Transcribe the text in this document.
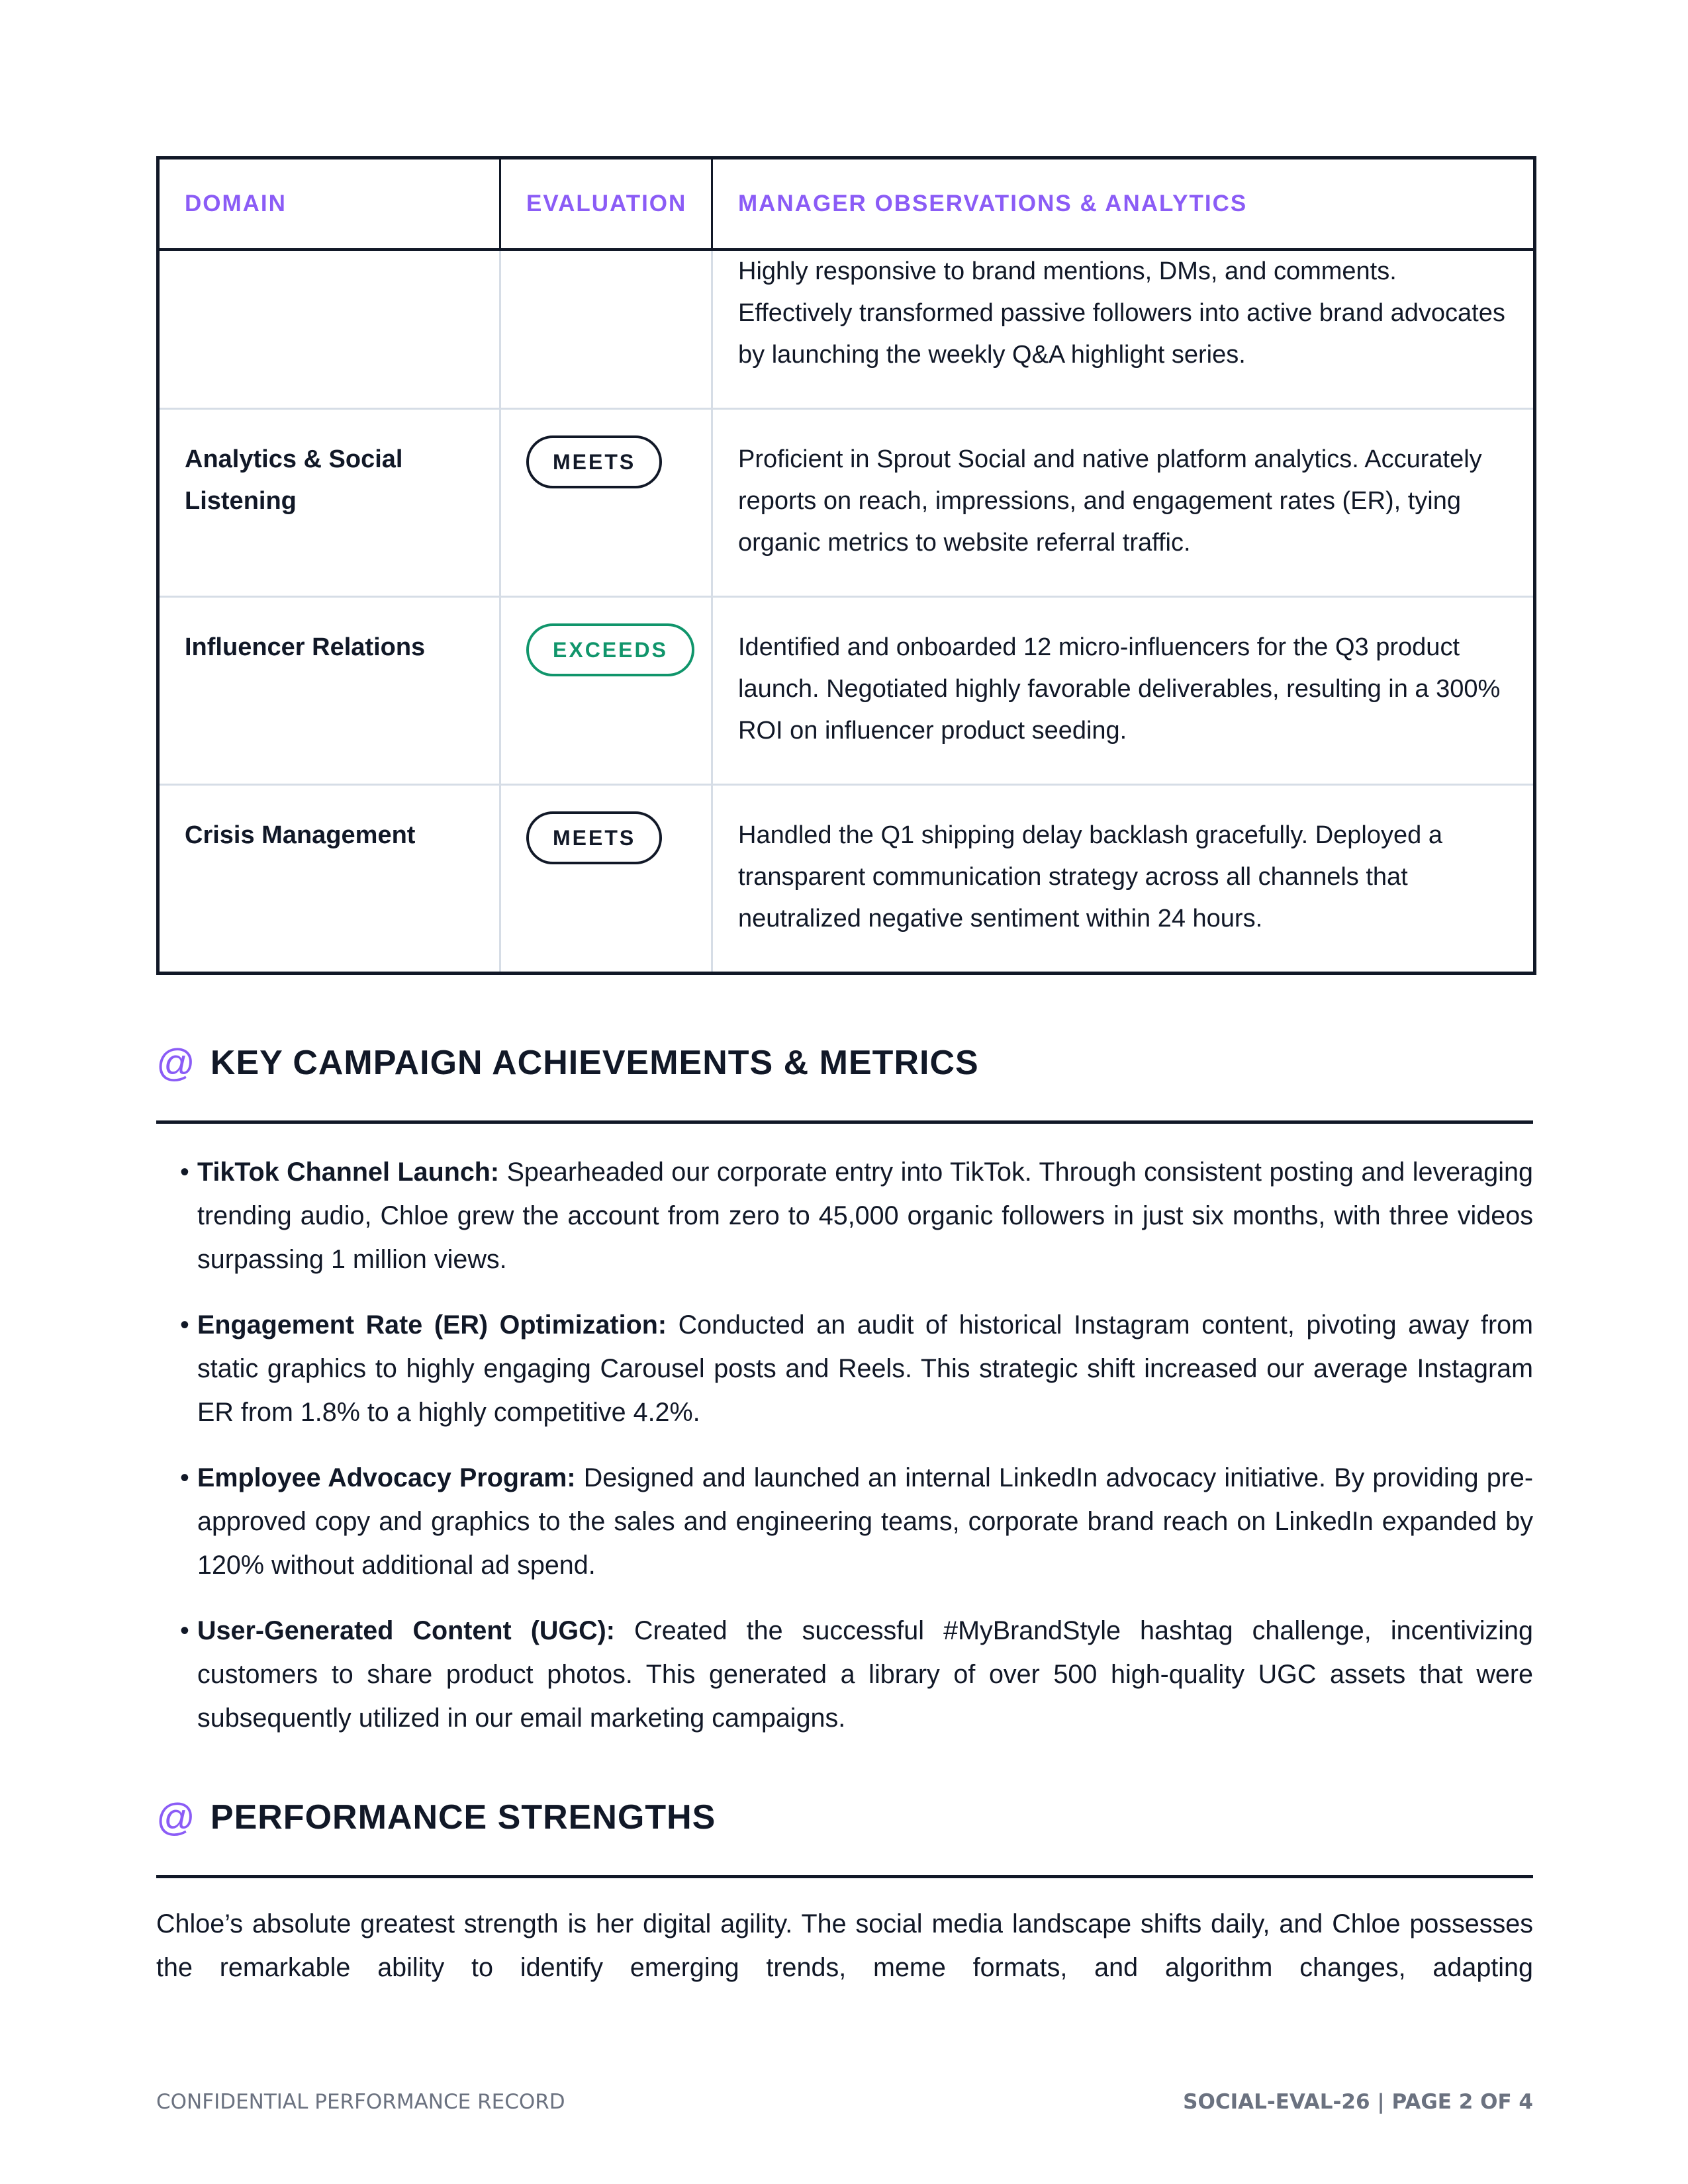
DOMAIN	EVALUATION	MANAGER OBSERVATIONS & ANALYTICS
		Highly responsive to brand mentions, DMs, and comments. Effectively transformed passive followers into active brand advocates by launching the weekly Q&A highlight series.
Analytics & Social Listening	MEETS	Proficient in Sprout Social and native platform analytics. Accurately reports on reach, impressions, and engagement rates (ER), tying organic metrics to website referral traffic.
Influencer Relations	EXCEEDS	Identified and onboarded 12 micro-influencers for the Q3 product launch. Negotiated highly favorable deliverables, resulting in a 300% ROI on influencer product seeding.
Crisis Management	MEETS	Handled the Q1 shipping delay backlash gracefully. Deployed a transparent communication strategy across all channels that neutralized negative sentiment within 24 hours.
@ KEY CAMPAIGN ACHIEVEMENTS & METRICS
• TikTok Channel Launch: Spearheaded our corporate entry into TikTok. Through consistent posting and leveraging trending audio, Chloe grew the account from zero to 45,000 organic followers in just six months, with three videos surpassing 1 million views.
• Engagement Rate (ER) Optimization: Conducted an audit of historical Instagram content, pivoting away from static graphics to highly engaging Carousel posts and Reels. This strategic shift increased our average Instagram ER from 1.8% to a highly competitive 4.2%.
• Employee Advocacy Program: Designed and launched an internal LinkedIn advocacy initiative. By providing pre-approved copy and graphics to the sales and engineering teams, corporate brand reach on LinkedIn expanded by 120% without additional ad spend.
• User-Generated Content (UGC): Created the successful #MyBrandStyle hashtag challenge, incentivizing customers to share product photos. This generated a library of over 500 high-quality UGC assets that were subsequently utilized in our email marketing campaigns.
@ PERFORMANCE STRENGTHS

Chloe’s absolute greatest strength is her digital agility. The social media landscape shifts daily, and Chloe possesses the remarkable ability to identify emerging trends, meme formats, and algorithm changes, adapting

CONFIDENTIAL PERFORMANCE RECORD	SOCIAL-EVAL-26 | PAGE 2 OF 4
